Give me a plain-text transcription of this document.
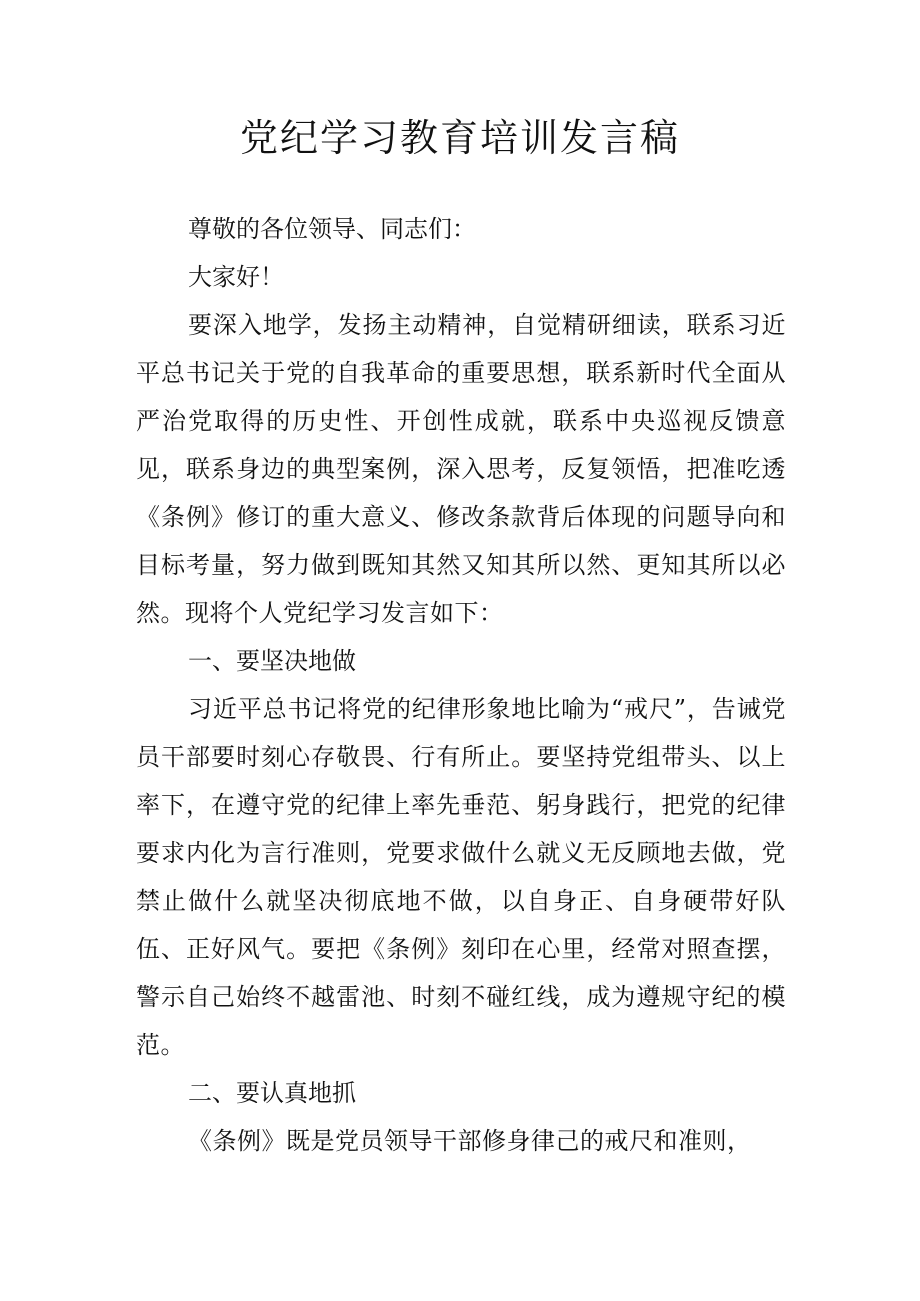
党纪学习教育培训发言稿

尊敬的各位领导、同志们：

大家好！

要深入地学，发扬主动精神，自觉精研细读，联系习近平总书记关于党的自我革命的重要思想，联系新时代全面从严治党取得的历史性、开创性成就，联系中央巡视反馈意见，联系身边的典型案例，深入思考，反复领悟，把准吃透《条例》修订的重大意义、修改条款背后体现的问题导向和目标考量，努力做到既知其然又知其所以然、更知其所以必然。现将个人党纪学习发言如下：

一、要坚决地做

习近平总书记将党的纪律形象地比喻为“戒尺”，告诫党员干部要时刻心存敬畏、行有所止。要坚持党组带头、以上率下，在遵守党的纪律上率先垂范、躬身践行，把党的纪律要求内化为言行准则，党要求做什么就义无反顾地去做，党禁止做什么就坚决彻底地不做，以自身正、自身硬带好队伍、正好风气。要把《条例》刻印在心里，经常对照查摆，警示自己始终不越雷池、时刻不碰红线，成为遵规守纪的模范。

二、要认真地抓

《条例》既是党员领导干部修身律己的戒尺和准则，
